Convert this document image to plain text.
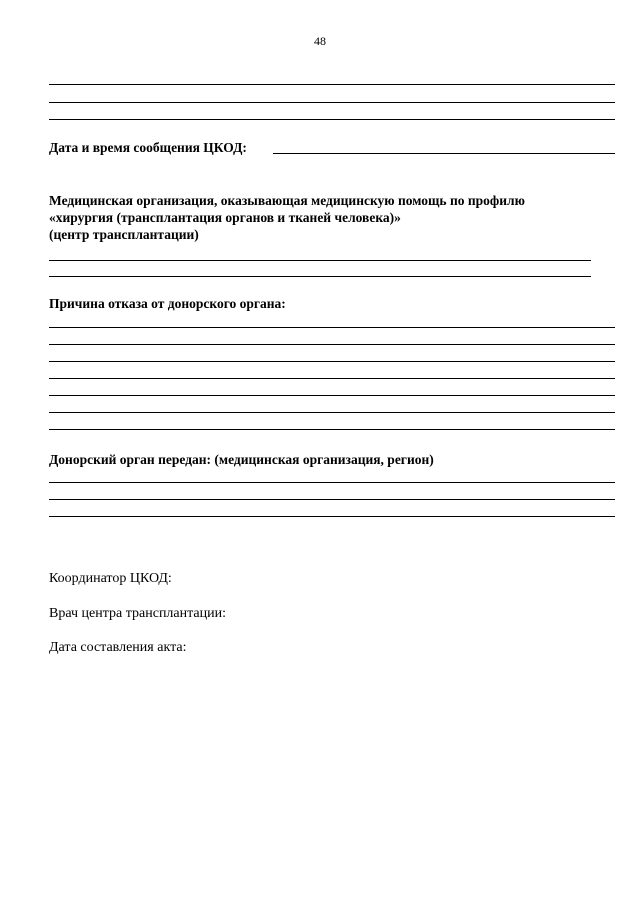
48
Дата и время сообщения ЦКОД:
Медицинская организация, оказывающая медицинскую помощь по профилю
«хирургия (трансплантация органов и тканей человека)»
(центр трансплантации)
Причина отказа от донорского органа:
Донорский орган передан: (медицинская организация, регион)
Координатор ЦКОД:
Врач центра трансплантации:
Дата составления акта:
